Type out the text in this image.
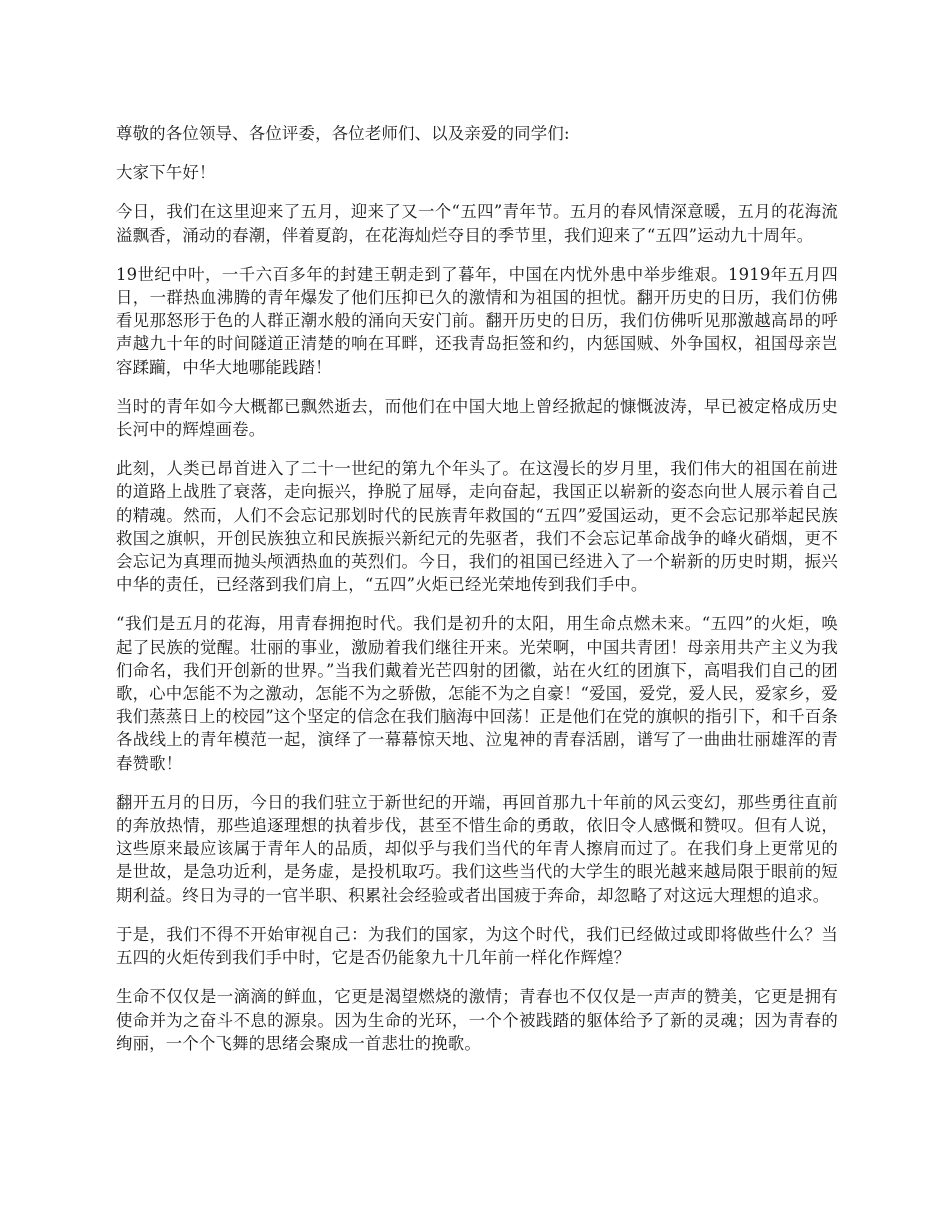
尊敬的各位领导、各位评委，各位老师们、以及亲爱的同学们:

大家下午好！

今日，我们在这里迎来了五月，迎来了又一个“五四”青年节。五月的春风情深意暖，五月的花海流溢飘香，涌动的春潮，伴着夏韵，在花海灿烂夺目的季节里，我们迎来了“五四”运动九十周年。

19世纪中叶，一千六百多年的封建王朝走到了暮年，中国在内忧外患中举步维艰。1919年五月四日，一群热血沸腾的青年爆发了他们压抑已久的激情和为祖国的担忧。翻开历史的日历，我们仿佛看见那怒形于色的人群正潮水般的涌向天安门前。翻开历史的日历，我们仿佛听见那激越高昂的呼声越九十年的时间隧道正清楚的响在耳畔，还我青岛拒签和约，内惩国贼、外争国权，祖国母亲岂容蹂躏，中华大地哪能践踏！

当时的青年如今大概都已飘然逝去，而他们在中国大地上曾经掀起的慷慨波涛，早已被定格成历史长河中的辉煌画卷。

此刻，人类已昂首进入了二十一世纪的第九个年头了。在这漫长的岁月里，我们伟大的祖国在前进的道路上战胜了衰落，走向振兴，挣脱了屈辱，走向奋起，我国正以崭新的姿态向世人展示着自己的精魂。然而，人们不会忘记那划时代的民族青年救国的“五四”爱国运动，更不会忘记那举起民族救国之旗帜，开创民族独立和民族振兴新纪元的先驱者，我们不会忘记革命战争的峰火硝烟，更不会忘记为真理而抛头颅洒热血的英烈们。今日，我们的祖国已经进入了一个崭新的历史时期，振兴中华的责任，已经落到我们肩上，“五四”火炬已经光荣地传到我们手中。

“我们是五月的花海，用青春拥抱时代。我们是初升的太阳，用生命点燃未来。“五四”的火炬，唤起了民族的觉醒。壮丽的事业，激励着我们继往开来。光荣啊，中国共青团！母亲用共产主义为我们命名，我们开创新的世界。”当我们戴着光芒四射的团徽，站在火红的团旗下，高唱我们自己的团歌，心中怎能不为之激动，怎能不为之骄傲，怎能不为之自豪！“爱国，爱党，爱人民，爱家乡，爱我们蒸蒸日上的校园”这个坚定的信念在我们脑海中回荡！正是他们在党的旗帜的指引下，和千百条各战线上的青年模范一起，演绎了一幕幕惊天地、泣鬼神的青春活剧，谱写了一曲曲壮丽雄浑的青春赞歌！

翻开五月的日历，今日的我们驻立于新世纪的开端，再回首那九十年前的风云变幻，那些勇往直前的奔放热情，那些追逐理想的执着步伐，甚至不惜生命的勇敢，依旧令人感慨和赞叹。但有人说，这些原来最应该属于青年人的品质，却似乎与我们当代的年青人擦肩而过了。在我们身上更常见的是世故，是急功近利，是务虚，是投机取巧。我们这些当代的大学生的眼光越来越局限于眼前的短期利益。终日为寻的一官半职、积累社会经验或者出国疲于奔命，却忽略了对这远大理想的追求。

于是，我们不得不开始审视自己：为我们的国家，为这个时代，我们已经做过或即将做些什么？当五四的火炬传到我们手中时，它是否仍能象九十几年前一样化作辉煌？

生命不仅仅是一滴滴的鲜血，它更是渴望燃烧的激情；青春也不仅仅是一声声的赞美，它更是拥有使命并为之奋斗不息的源泉。因为生命的光环，一个个被践踏的躯体给予了新的灵魂；因为青春的绚丽，一个个飞舞的思绪会聚成一首悲壮的挽歌。
